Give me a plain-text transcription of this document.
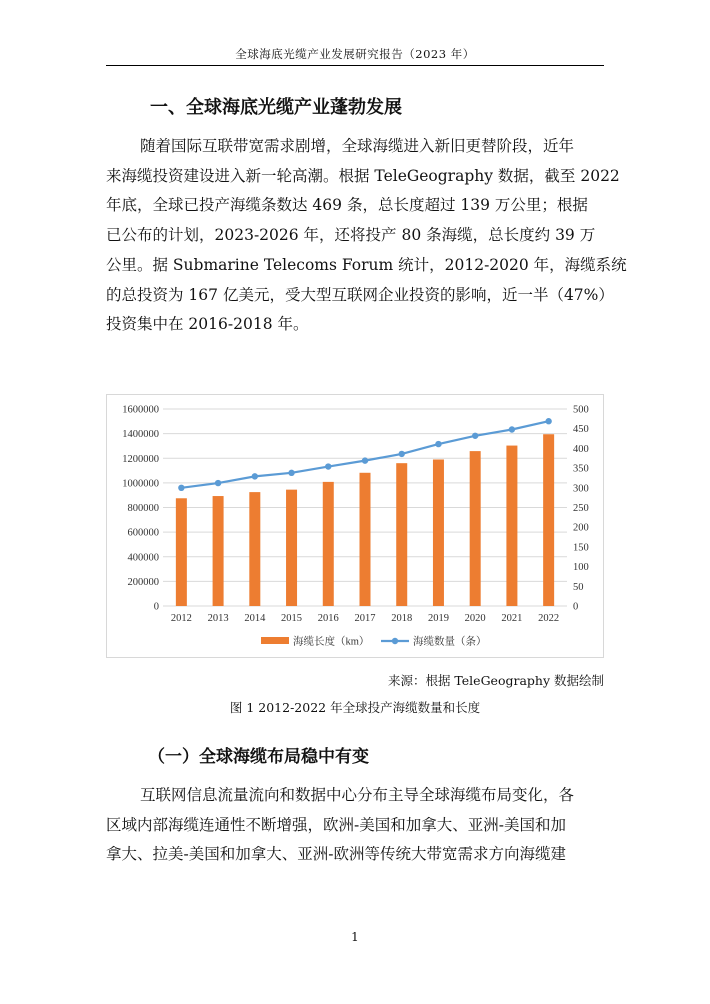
全球海底光缆产业发展研究报告（2023 年）
一、全球海底光缆产业蓬勃发展
随着国际互联带宽需求剧增，全球海缆进入新旧更替阶段，近年
来海缆投资建设进入新一轮高潮。根据 TeleGeography 数据，截至 2022
年底，全球已投产海缆条数达 469 条，总长度超过 139 万公里；根据
已公布的计划，2023-2026 年，还将投产 80 条海缆，总长度约 39 万
公里。据 Submarine Telecoms Forum 统计，2012-2020 年，海缆系统
的总投资为 167 亿美元，受大型互联网企业投资的影响，近一半（47%）
投资集中在 2016-2018 年。
0
200000
400000
600000
800000
1000000
1200000
1400000
1600000
0
50
100
150
200
250
300
350
400
450
500
2012 2013 2014 2015 2016 2017 2018 2019 2020 2021 2022
海缆长度（km）	海缆数量（条）
来源：根据 TeleGeography 数据绘制
图 1 2012-2022 年全球投产海缆数量和长度
（一）全球海缆布局稳中有变
互联网信息流量流向和数据中心分布主导全球海缆布局变化，各
区域内部海缆连通性不断增强，欧洲-美国和加拿大、亚洲-美国和加
拿大、拉美-美国和加拿大、亚洲-欧洲等传统大带宽需求方向海缆建
1
